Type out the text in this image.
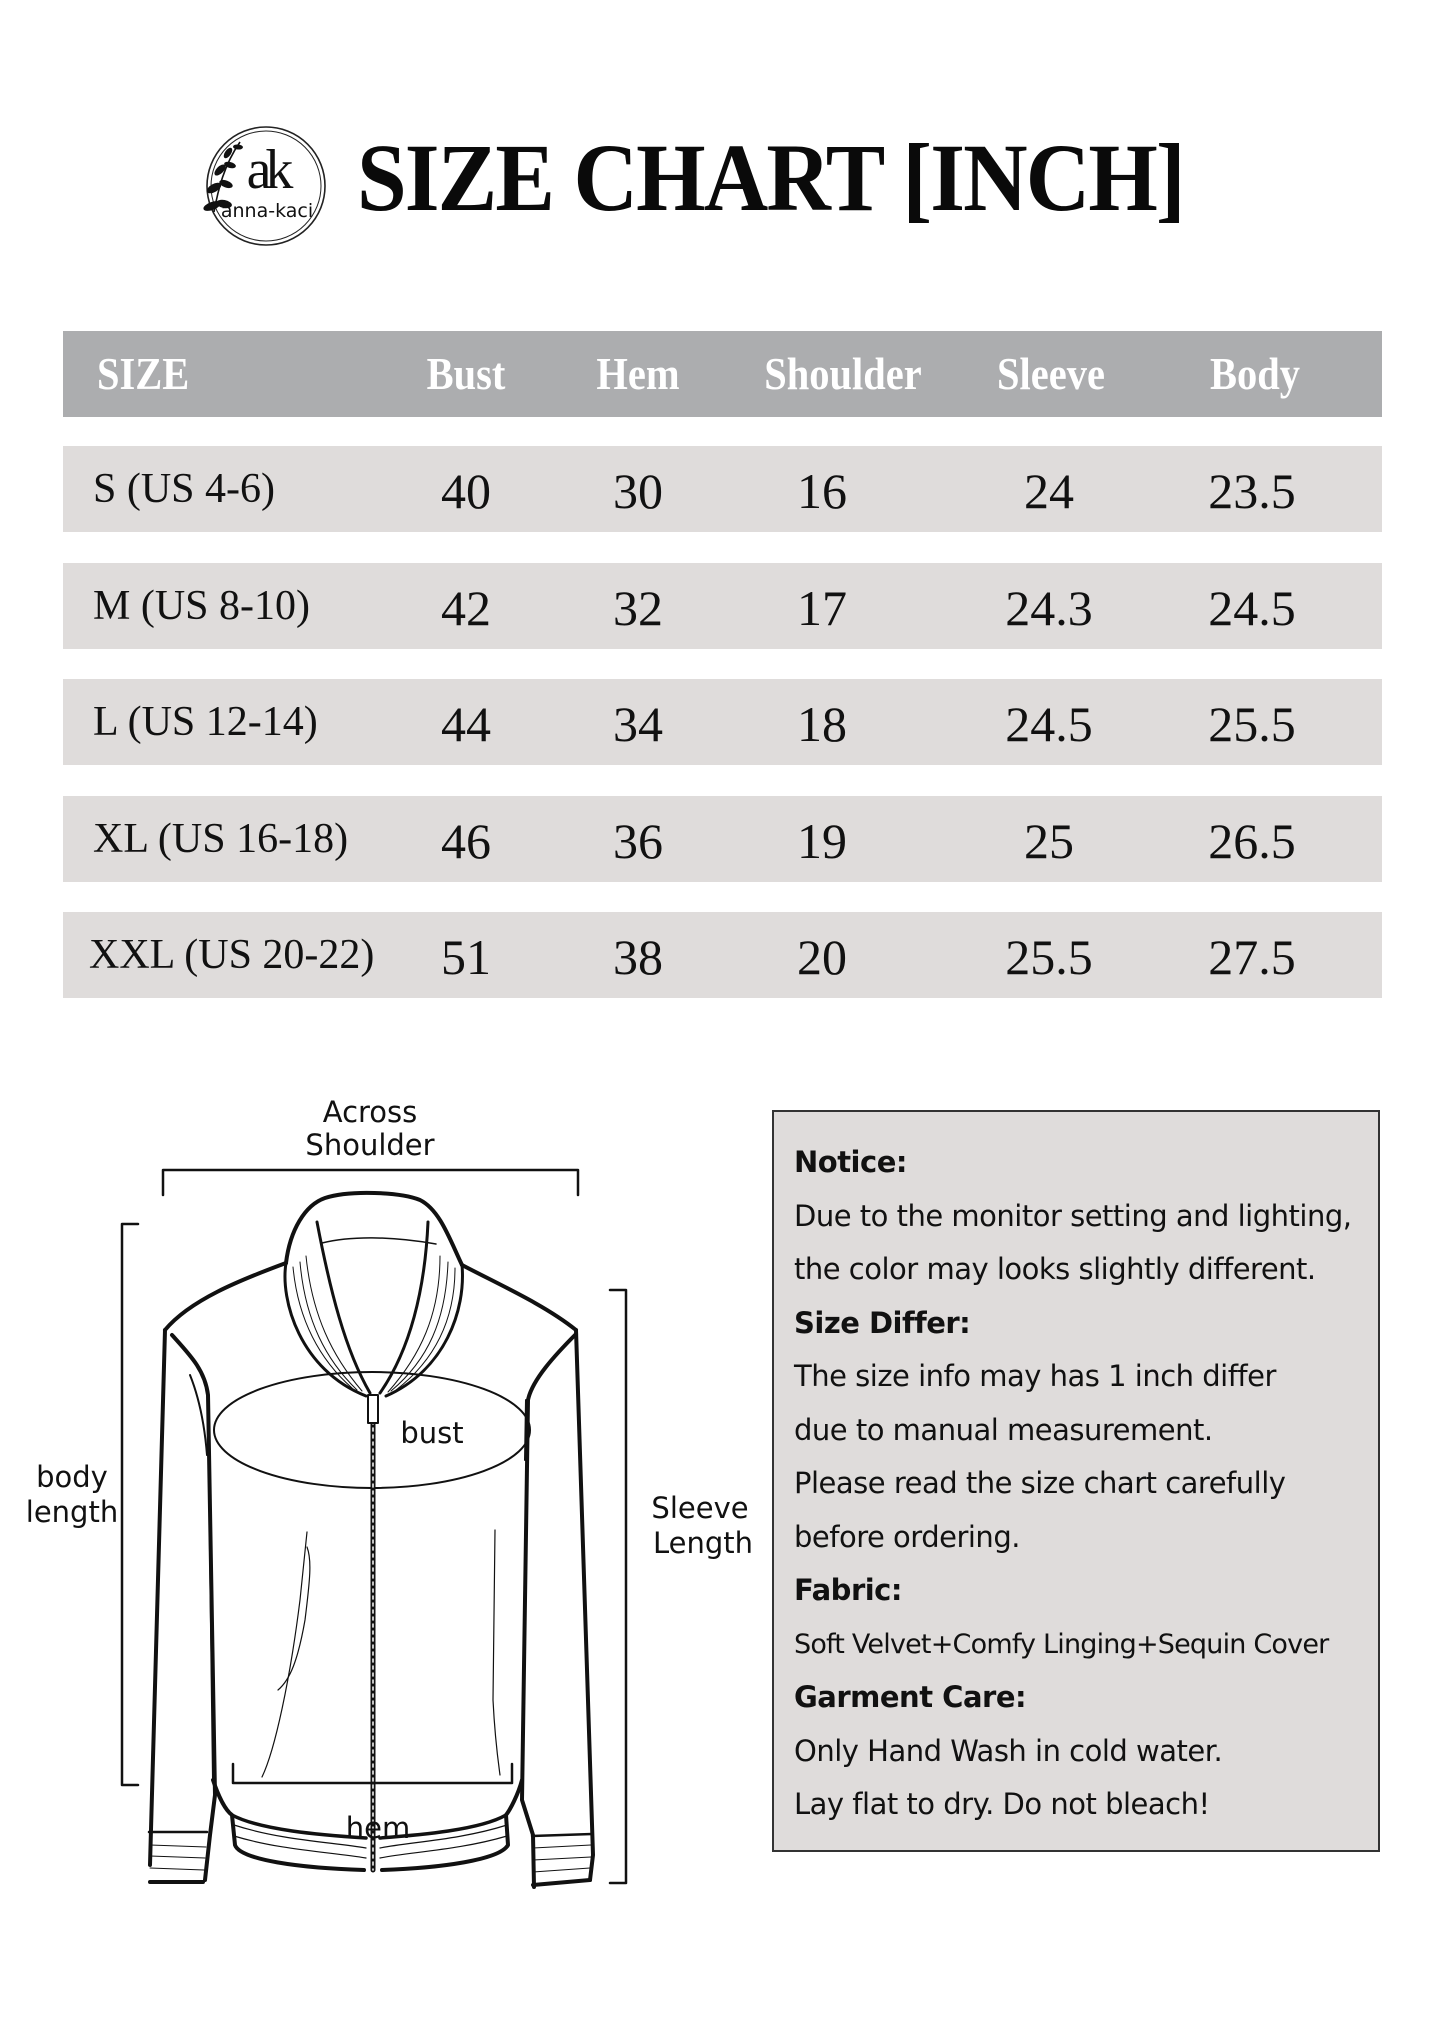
ak
anna-kaci SIZE CHART [INCH]
SIZE	Bust Hem Shoulder Sleeve Body
S (US 4-6)	40 30	16	24	23.5
M (US 8-10)	42 32	17	24.3 24.5
L (US 12-14) 44 34	18	24.5 25.5
XL (US 16-18) 46 36	19	25	26.5
XXL (US 20-22) 51 38	20	25.5 27.5
Across
Shoulder
bust
body
length	Sleeve
Length
hem

Notice:

Due to the monitor setting and lighting,

the color may looks slightly different.

Size Differ:

The size info may has 1 inch differ

due to manual measurement.

Please read the size chart carefully

before ordering.

Fabric:

Soft Velvet+Comfy Linging+Sequin Cover

Garment Care:

Only Hand Wash in cold water.

Lay flat to dry. Do not bleach!
